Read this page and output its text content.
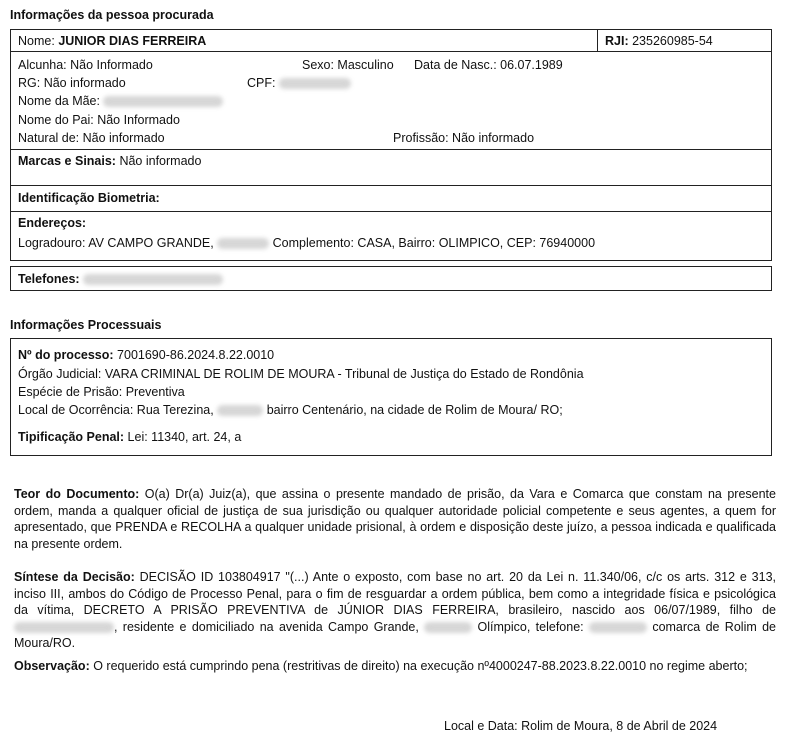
Informações da pessoa procurada
Nome: JUNIOR DIAS FERREIRA	RJI: 235260985-54
Alcunha: Não Informado	Sexo: Masculino Data de Nasc.: 06.07.1989
RG: Não informado	CPF:
Nome da Mãe:
Nome do Pai: Não Informado
Natural de: Não informado	Profissão: Não informado
Marcas e Sinais: Não informado
Identificação Biometria:
Endereços:
Logradouro: AV CAMPO GRANDE,	Complemento: CASA, Bairro: OLIMPICO, CEP: 76940000
Telefones:
Informações Processuais
Nº do processo: 7001690-86.2024.8.22.0010
Órgão Judicial: VARA CRIMINAL DE ROLIM DE MOURA - Tribunal de Justiça do Estado de Rondônia
Espécie de Prisão: Preventiva
Local de Ocorrência: Rua Terezina,	bairro Centenário, na cidade de Rolim de Moura/ RO;
Tipificação Penal: Lei: 11340, art. 24, a
Teor do Documento: O(a) Dr(a) Juiz(a), que assina o presente mandado de prisão, da Vara e Comarca que constam na presente ordem, manda a qualquer oficial de justiça de sua jurisdição ou qualquer autoridade policial competente e seus agentes, a quem for apresentado, que PRENDA e RECOLHA a qualquer unidade prisional, à ordem e disposição deste juízo, a pessoa indicada e qualificada na presente ordem.
Síntese da Decisão: DECISÃO ID 103804917 "(...) Ante o exposto, com base no art. 20 da Lei n. 11.340/06, c/c os arts. 312 e 313, inciso III, ambos do Código de Processo Penal, para o fim de resguardar a ordem pública, bem como a integridade física e psicológica da vítima, DECRETO A PRISÃO PREVENTIVA de JÚNIOR DIAS FERREIRA, brasileiro, nascido aos 06/07/1989, filho de , residente e domiciliado na avenida Campo Grande,	Olímpico, telefone:	comarca de Rolim de Moura/RO.
Observação: O requerido está cumprindo pena (restritivas de direito) na execução nº4000247-88.2023.8.22.0010 no regime aberto;
Local e Data: Rolim de Moura, 8 de Abril de 2024
